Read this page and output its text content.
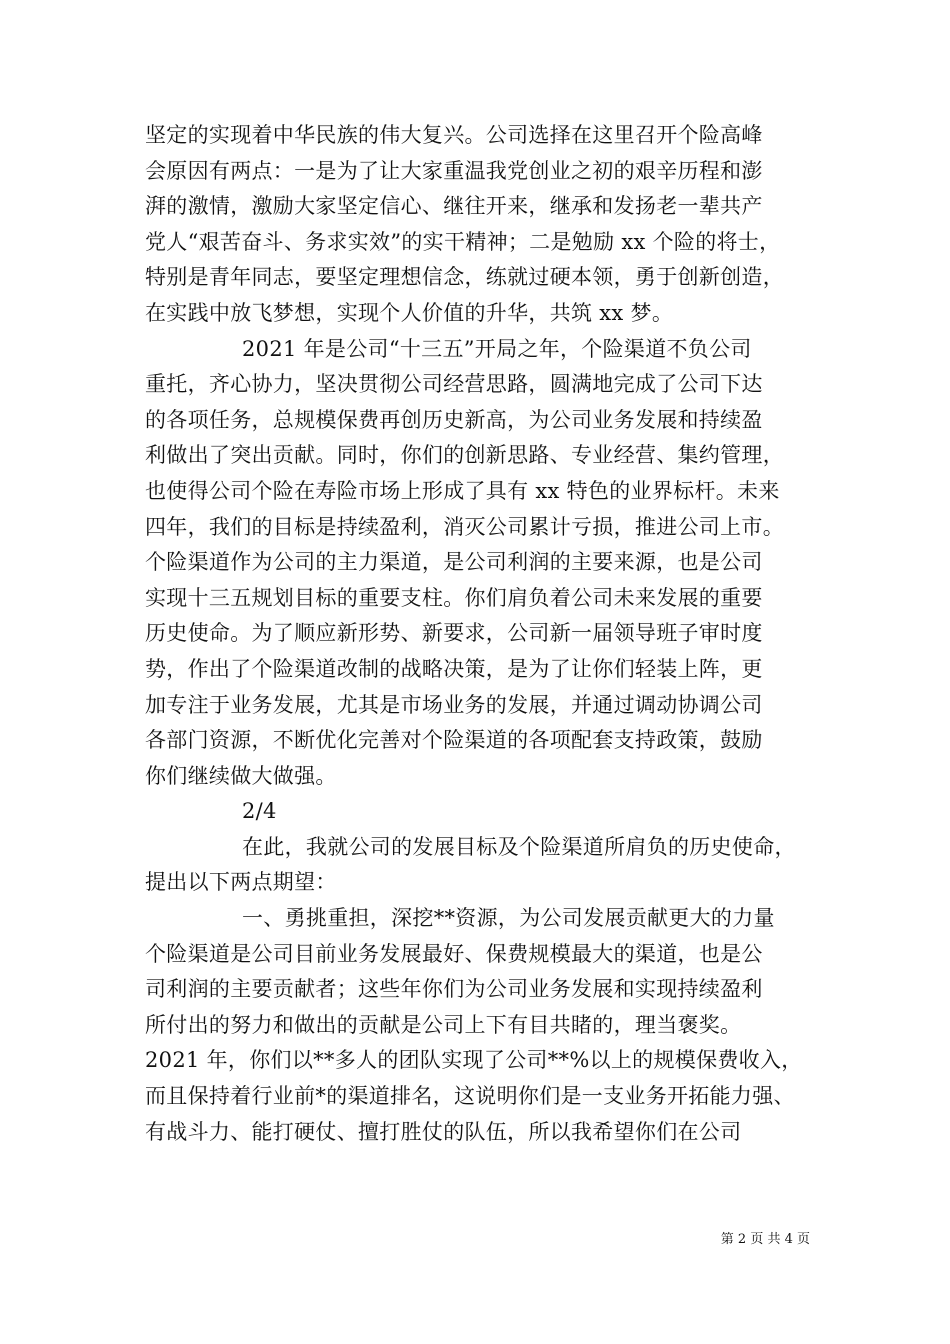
坚定的实现着中华民族的伟大复兴。公司选择在这里召开个险高峰
会原因有两点：一是为了让大家重温我党创业之初的艰辛历程和澎
湃的激情，激励大家坚定信心、继往开来，继承和发扬老一辈共产
党人“艰苦奋斗、务求实效”的实干精神；二是勉励 xx 个险的将士，
特别是青年同志，要坚定理想信念，练就过硬本领，勇于创新创造，
在实践中放飞梦想，实现个人价值的升华，共筑 xx 梦。
2021 年是公司“十三五”开局之年，个险渠道不负公司
重托，齐心协力，坚决贯彻公司经营思路，圆满地完成了公司下达
的各项任务，总规模保费再创历史新高，为公司业务发展和持续盈
利做出了突出贡献。同时，你们的创新思路、专业经营、集约管理，
也使得公司个险在寿险市场上形成了具有 xx 特色的业界标杆。未来
四年，我们的目标是持续盈利，消灭公司累计亏损，推进公司上市。
个险渠道作为公司的主力渠道，是公司利润的主要来源，也是公司
实现十三五规划目标的重要支柱。你们肩负着公司未来发展的重要
历史使命。为了顺应新形势、新要求，公司新一届领导班子审时度
势，作出了个险渠道改制的战略决策，是为了让你们轻装上阵，更
加专注于业务发展，尤其是市场业务的发展，并通过调动协调公司
各部门资源，不断优化完善对个险渠道的各项配套支持政策，鼓励
你们继续做大做强。
2/4
在此，我就公司的发展目标及个险渠道所肩负的历史使命，
提出以下两点期望：
一、勇挑重担，深挖**资源，为公司发展贡献更大的力量
个险渠道是公司目前业务发展最好、保费规模最大的渠道，也是公
司利润的主要贡献者；这些年你们为公司业务发展和实现持续盈利
所付出的努力和做出的贡献是公司上下有目共睹的，理当褒奖。
2021 年，你们以**多人的团队实现了公司**%以上的规模保费收入，
而且保持着行业前*的渠道排名，这说明你们是一支业务开拓能力强、
有战斗力、能打硬仗、擅打胜仗的队伍，所以我希望你们在公司
第 2 页 共 4 页
